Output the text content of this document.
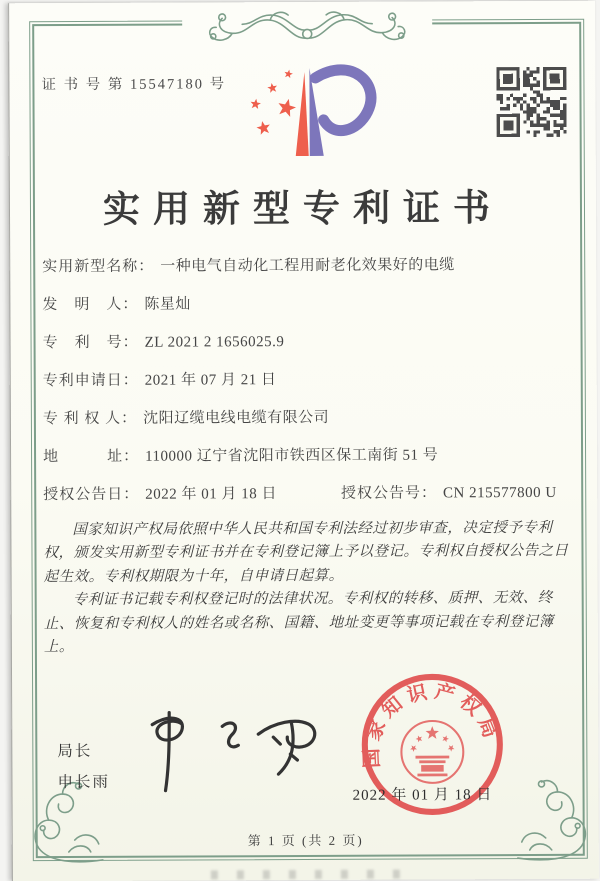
证 书 号 第 15547180 号
实用新型专利证书
实用新型名称： 一种电气自动化工程用耐老化效果好的电缆
发　明　人： 陈星灿
专　利　号： ZL 2021 2 1656025.9
专利申请日： 2021 年 07 月 21 日
专 利 权 人： 沈阳辽缆电线电缆有限公司
地　　　址： 110000 辽宁省沈阳市铁西区保工南街 51 号
授权公告日： 2022 年 01 月 18 日	授权公告号： CN 215577800 U

国家知识产权局依照中华人民共和国专利法经过初步审查，决定授予专利权，颁发实用新型专利证书并在专利登记簿上予以登记。专利权自授权公告之日起生效。专利权期限为十年，自申请日起算。

专利证书记载专利权登记时的法律状况。专利权的转移、质押、无效、终止、恢复和专利权人的姓名或名称、国籍、地址变更等事项记载在专利登记簿上。

局长
申长雨
国家知识产权局
2022 年 01 月 18 日
第 1 页 (共 2 页)
